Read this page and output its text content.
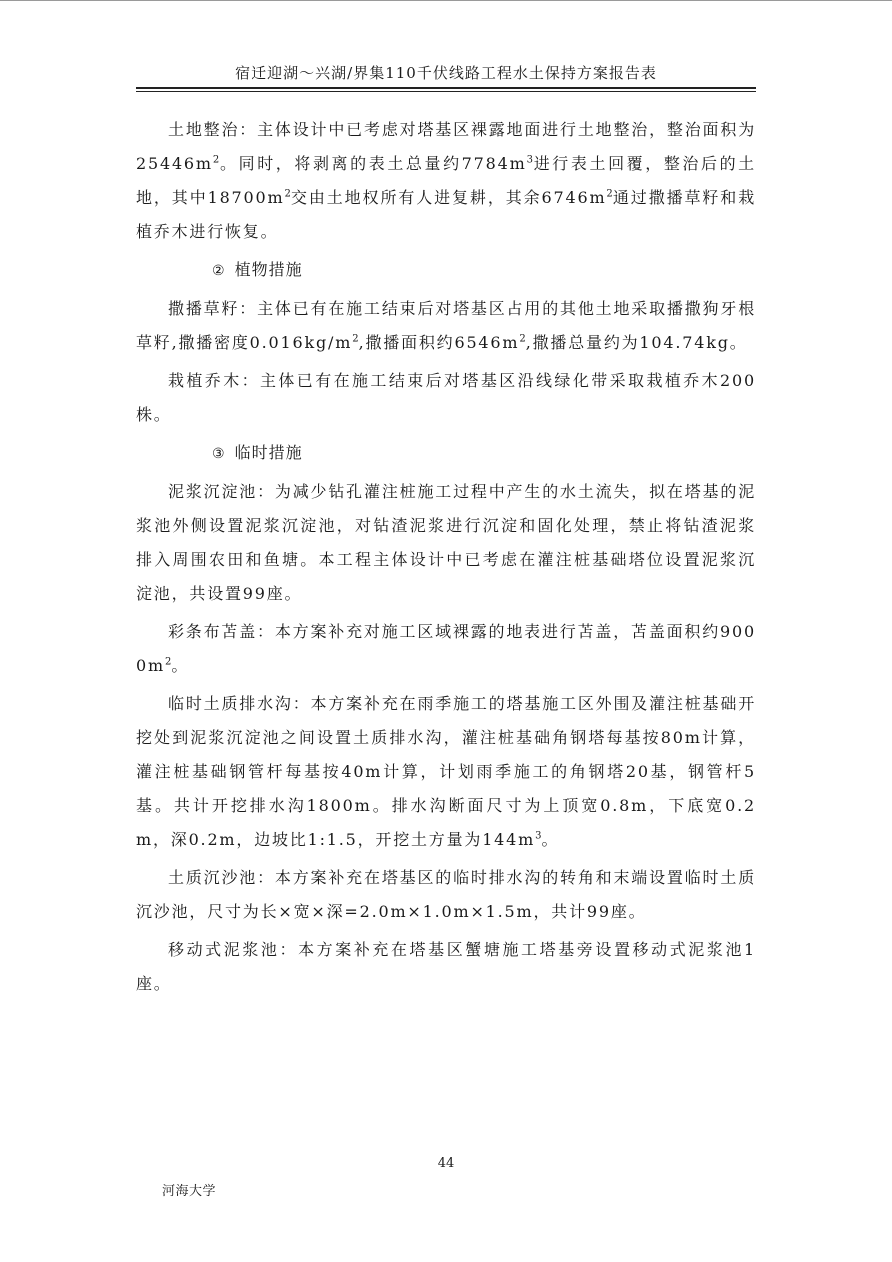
宿迁迎湖～兴湖/界集110千伏线路工程水土保持方案报告表

土地整治：主体设计中已考虑对塔基区裸露地面进行土地整治，整治面积为$25446m^2$。同时，将剥离的表土总量约$7784m^3$进行表土回覆，整治后的土地，其中$18700m^2$交由土地权所有人进复耕，其余$6746m^2$通过撒播草籽和栽植乔木进行恢复。

② 植物措施

撒播草籽：主体已有在施工结束后对塔基区占用的其他土地采取播撒狗牙根草籽,撒播密度$0.016kg/m^2$,撒播面积约$6546m^2$,撒播总量约为104.74kg。

栽植乔木：主体已有在施工结束后对塔基区沿线绿化带采取栽植乔木200株。

③ 临时措施

泥浆沉淀池：为减少钻孔灌注桩施工过程中产生的水土流失，拟在塔基的泥浆池外侧设置泥浆沉淀池，对钻渣泥浆进行沉淀和固化处理，禁止将钻渣泥浆排入周围农田和鱼塘。本工程主体设计中已考虑在灌注桩基础塔位设置泥浆沉淀池，共设置99座。

彩条布苫盖：本方案补充对施工区域裸露的地表进行苫盖，苫盖面积约$9000m^2$。

临时土质排水沟：本方案补充在雨季施工的塔基施工区外围及灌注桩基础开挖处到泥浆沉淀池之间设置土质排水沟，灌注桩基础角钢塔每基按80m计算，灌注桩基础钢管杆每基按40m计算，计划雨季施工的角钢塔20基，钢管杆5基。共计开挖排水沟1800m。排水沟断面尺寸为上顶宽0.8m，下底宽0.2m，深0.2m，边坡比1:1.5，开挖土方量为$144m^3$。

土质沉沙池：本方案补充在塔基区的临时排水沟的转角和末端设置临时土质沉沙池，尺寸为长×宽×深=2.0m×1.0m×1.5m，共计99座。

移动式泥浆池：本方案补充在塔基区蟹塘施工塔基旁设置移动式泥浆池1座。

44
河海大学
